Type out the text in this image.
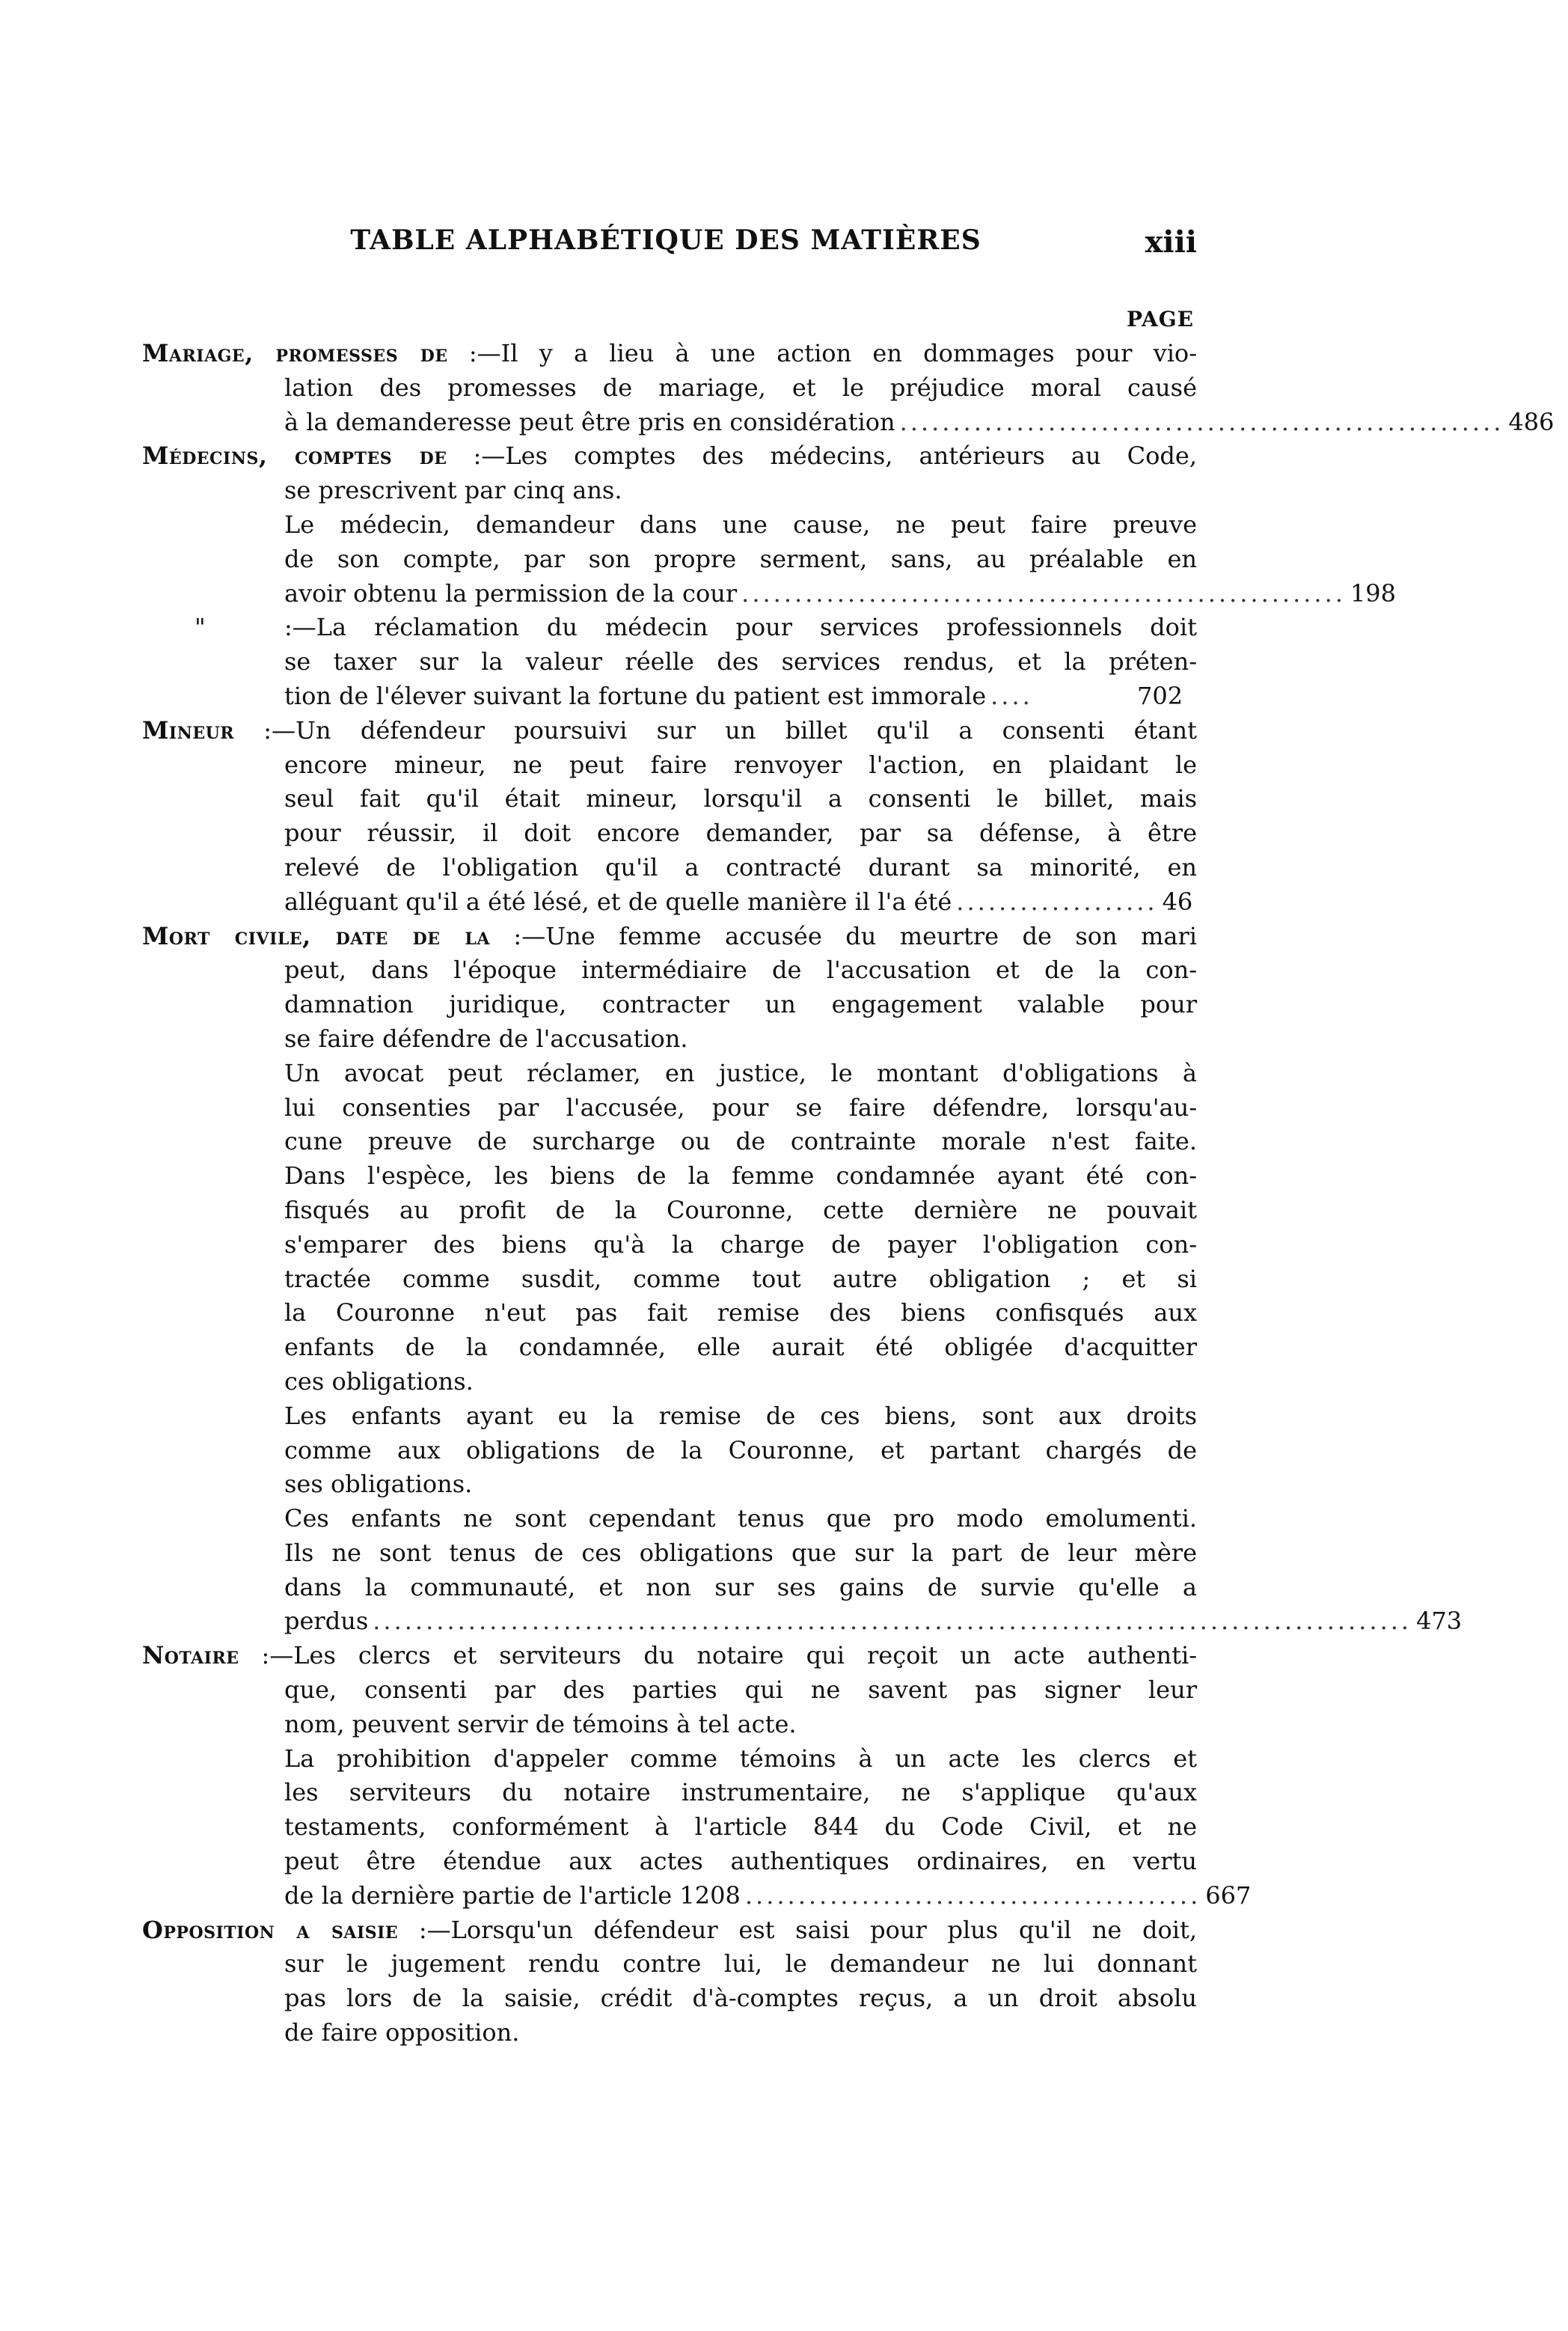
TABLE ALPHABÉTIQUE DES MATIÈRES	xiii
PAGE
Mariage, promesses de :—Il y a lieu à une action en dommages pour vio-
lation des promesses de mariage, et le préjudice moral causé
à la demanderesse peut être pris en considération ......................................................... 486
Médecins, comptes de :—Les comptes des médecins, antérieurs au Code,
se prescrivent par cinq ans.
Le médecin, demandeur dans une cause, ne peut faire preuve
de son compte, par son propre serment, sans, au préalable en
avoir obtenu la permission de la cour ......................................................... 198
"	:—La réclamation du médecin pour services professionnels doit
se taxer sur la valeur réelle des services rendus, et la préten-
tion de l'élever suivant la fortune du patient est immorale ....	702
Mineur :—Un défendeur poursuivi sur un billet qu'il a consenti étant
encore mineur, ne peut faire renvoyer l'action, en plaidant le
seul fait qu'il était mineur, lorsqu'il a consenti le billet, mais
pour réussir, il doit encore demander, par sa défense, à être
relevé de l'obligation qu'il a contracté durant sa minorité, en
alléguant qu'il a été lésé, et de quelle manière il l'a été ................... 46
Mort civile, date de la :—Une femme accusée du meurtre de son mari
peut, dans l'époque intermédiaire de l'accusation et de la con-
damnation juridique, contracter un engagement valable pour
se faire défendre de l'accusation.
Un avocat peut réclamer, en justice, le montant d'obligations à
lui consenties par l'accusée, pour se faire défendre, lorsqu'au-
cune preuve de surcharge ou de contrainte morale n'est faite.
Dans l'espèce, les biens de la femme condamnée ayant été con-
fisqués au profit de la Couronne, cette dernière ne pouvait
s'emparer des biens qu'à la charge de payer l'obligation con-
tractée comme susdit, comme tout autre obligation ; et si
la Couronne n'eut pas fait remise des biens confisqués aux
enfants de la condamnée, elle aurait été obligée d'acquitter
ces obligations.
Les enfants ayant eu la remise de ces biens, sont aux droits
comme aux obligations de la Couronne, et partant chargés de
ses obligations.
Ces enfants ne sont cependant tenus que pro modo emolumenti.
Ils ne sont tenus de ces obligations que sur la part de leur mère
dans la communauté, et non sur ses gains de survie qu'elle a
perdus .................................................................................................. 473
Notaire :—Les clercs et serviteurs du notaire qui reçoit un acte authenti-
que, consenti par des parties qui ne savent pas signer leur
nom, peuvent servir de témoins à tel acte.
La prohibition d'appeler comme témoins à un acte les clercs et
les serviteurs du notaire instrumentaire, ne s'applique qu'aux
testaments, conformément à l'article 844 du Code Civil, et ne
peut être étendue aux actes authentiques ordinaires, en vertu
de la dernière partie de l'article 1208 ........................................... 667
Opposition a saisie :—Lorsqu'un défendeur est saisi pour plus qu'il ne doit,
sur le jugement rendu contre lui, le demandeur ne lui donnant
pas lors de la saisie, crédit d'à-comptes reçus, a un droit absolu
de faire opposition.
